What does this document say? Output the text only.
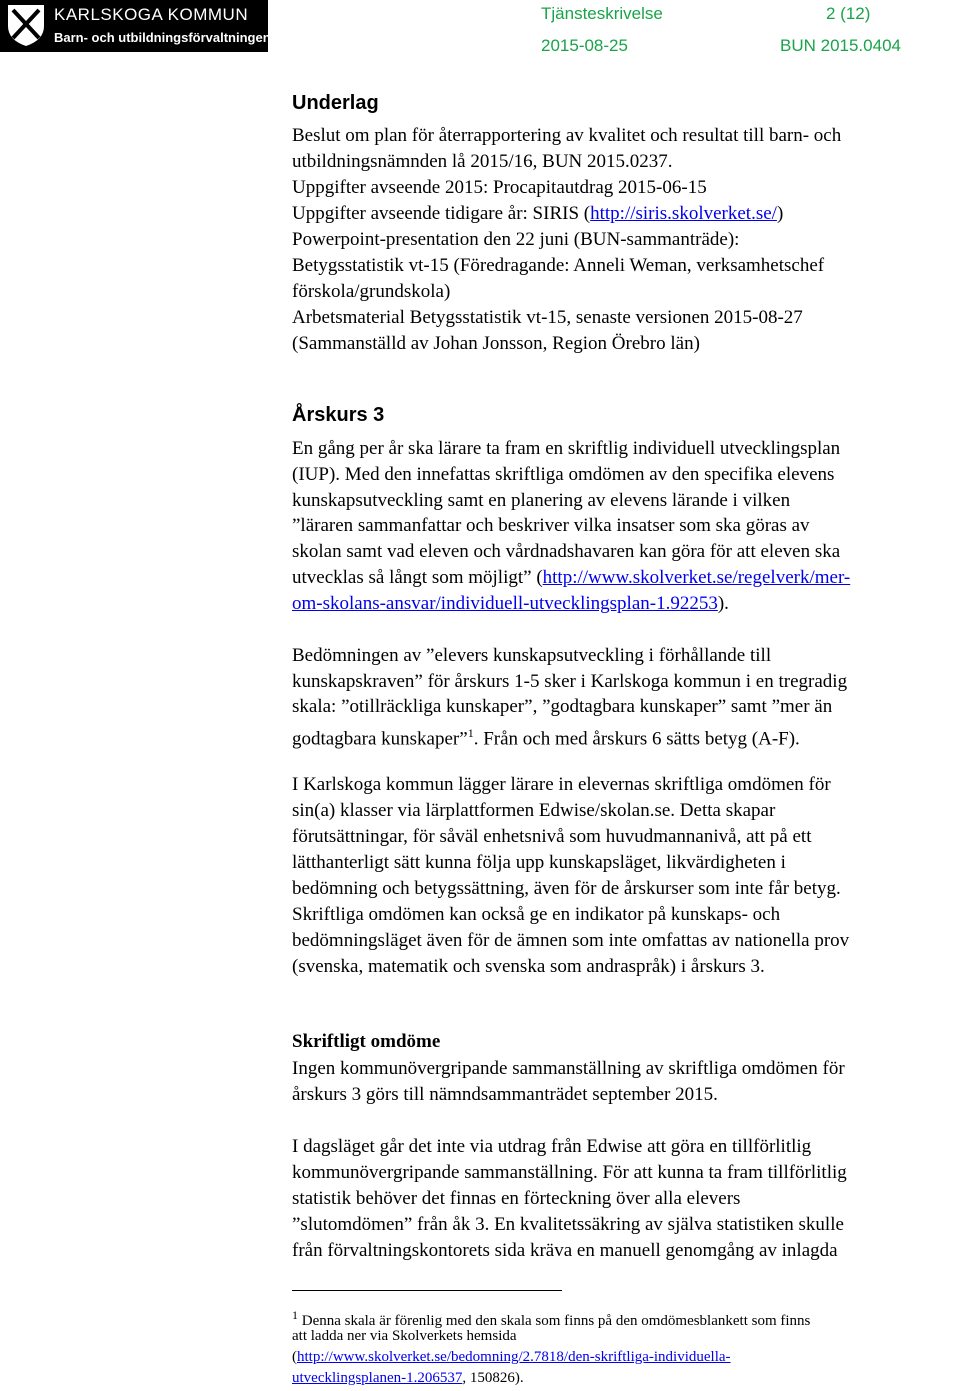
KARLSKOGA KOMMUN
Barn- och utbildningsförvaltningen
Tjänsteskrivelse	2 (12)
2015-08-25	BUN 2015.0404
Underlag
Beslut om plan för återrapportering av kvalitet och resultat till barn- och
utbildningsnämnden lå 2015/16, BUN 2015.0237.
Uppgifter avseende 2015: Procapitautdrag 2015-06-15
Uppgifter avseende tidigare år: SIRIS (http://siris.skolverket.se/)
Powerpoint-presentation den 22 juni (BUN-sammanträde):
Betygsstatistik vt-15 (Föredragande: Anneli Weman, verksamhetschef
förskola/grundskola)
Arbetsmaterial Betygsstatistik vt-15, senaste versionen 2015-08-27
(Sammanställd av Johan Jonsson, Region Örebro län)
Årskurs 3
En gång per år ska lärare ta fram en skriftlig individuell utvecklingsplan
(IUP). Med den innefattas skriftliga omdömen av den specifika elevens
kunskapsutveckling samt en planering av elevens lärande i vilken
”läraren sammanfattar och beskriver vilka insatser som ska göras av
skolan samt vad eleven och vårdnadshavaren kan göra för att eleven ska
utvecklas så långt som möjligt” (http://www.skolverket.se/regelverk/mer-
om-skolans-ansvar/individuell-utvecklingsplan-1.92253).
Bedömningen av ”elevers kunskapsutveckling i förhållande till
kunskapskraven” för årskurs 1-5 sker i Karlskoga kommun i en tregradig
skala: ”otillräckliga kunskaper”, ”godtagbara kunskaper” samt ”mer än
godtagbara kunskaper”$^1$. Från och med årskurs 6 sätts betyg (A-F).
I Karlskoga kommun lägger lärare in elevernas skriftliga omdömen för
sin(a) klasser via lärplattformen Edwise/skolan.se. Detta skapar
förutsättningar, för såväl enhetsnivå som huvudmannanivå, att på ett
lätthanterligt sätt kunna följa upp kunskapsläget, likvärdigheten i
bedömning och betygssättning, även för de årskurser som inte får betyg.
Skriftliga omdömen kan också ge en indikator på kunskaps- och
bedömningsläget även för de ämnen som inte omfattas av nationella prov
(svenska, matematik och svenska som andraspråk) i årskurs 3.
Skriftligt omdöme
Ingen kommunövergripande sammanställning av skriftliga omdömen för
årskurs 3 görs till nämndsammanträdet september 2015.
I dagsläget går det inte via utdrag från Edwise att göra en tillförlitlig
kommunövergripande sammanställning. För att kunna ta fram tillförlitlig
statistik behöver det finnas en förteckning över alla elevers
”slutomdömen” från åk 3. En kvalitetssäkring av själva statistiken skulle
från förvaltningskontorets sida kräva en manuell genomgång av inlagda
$^1$ Denna skala är förenlig med den skala som finns på den omdömesblankett som finns
att ladda ner via Skolverkets hemsida
(http://www.skolverket.se/bedomning/2.7818/den-skriftliga-individuella-
utvecklingsplanen-1.206537, 150826).
